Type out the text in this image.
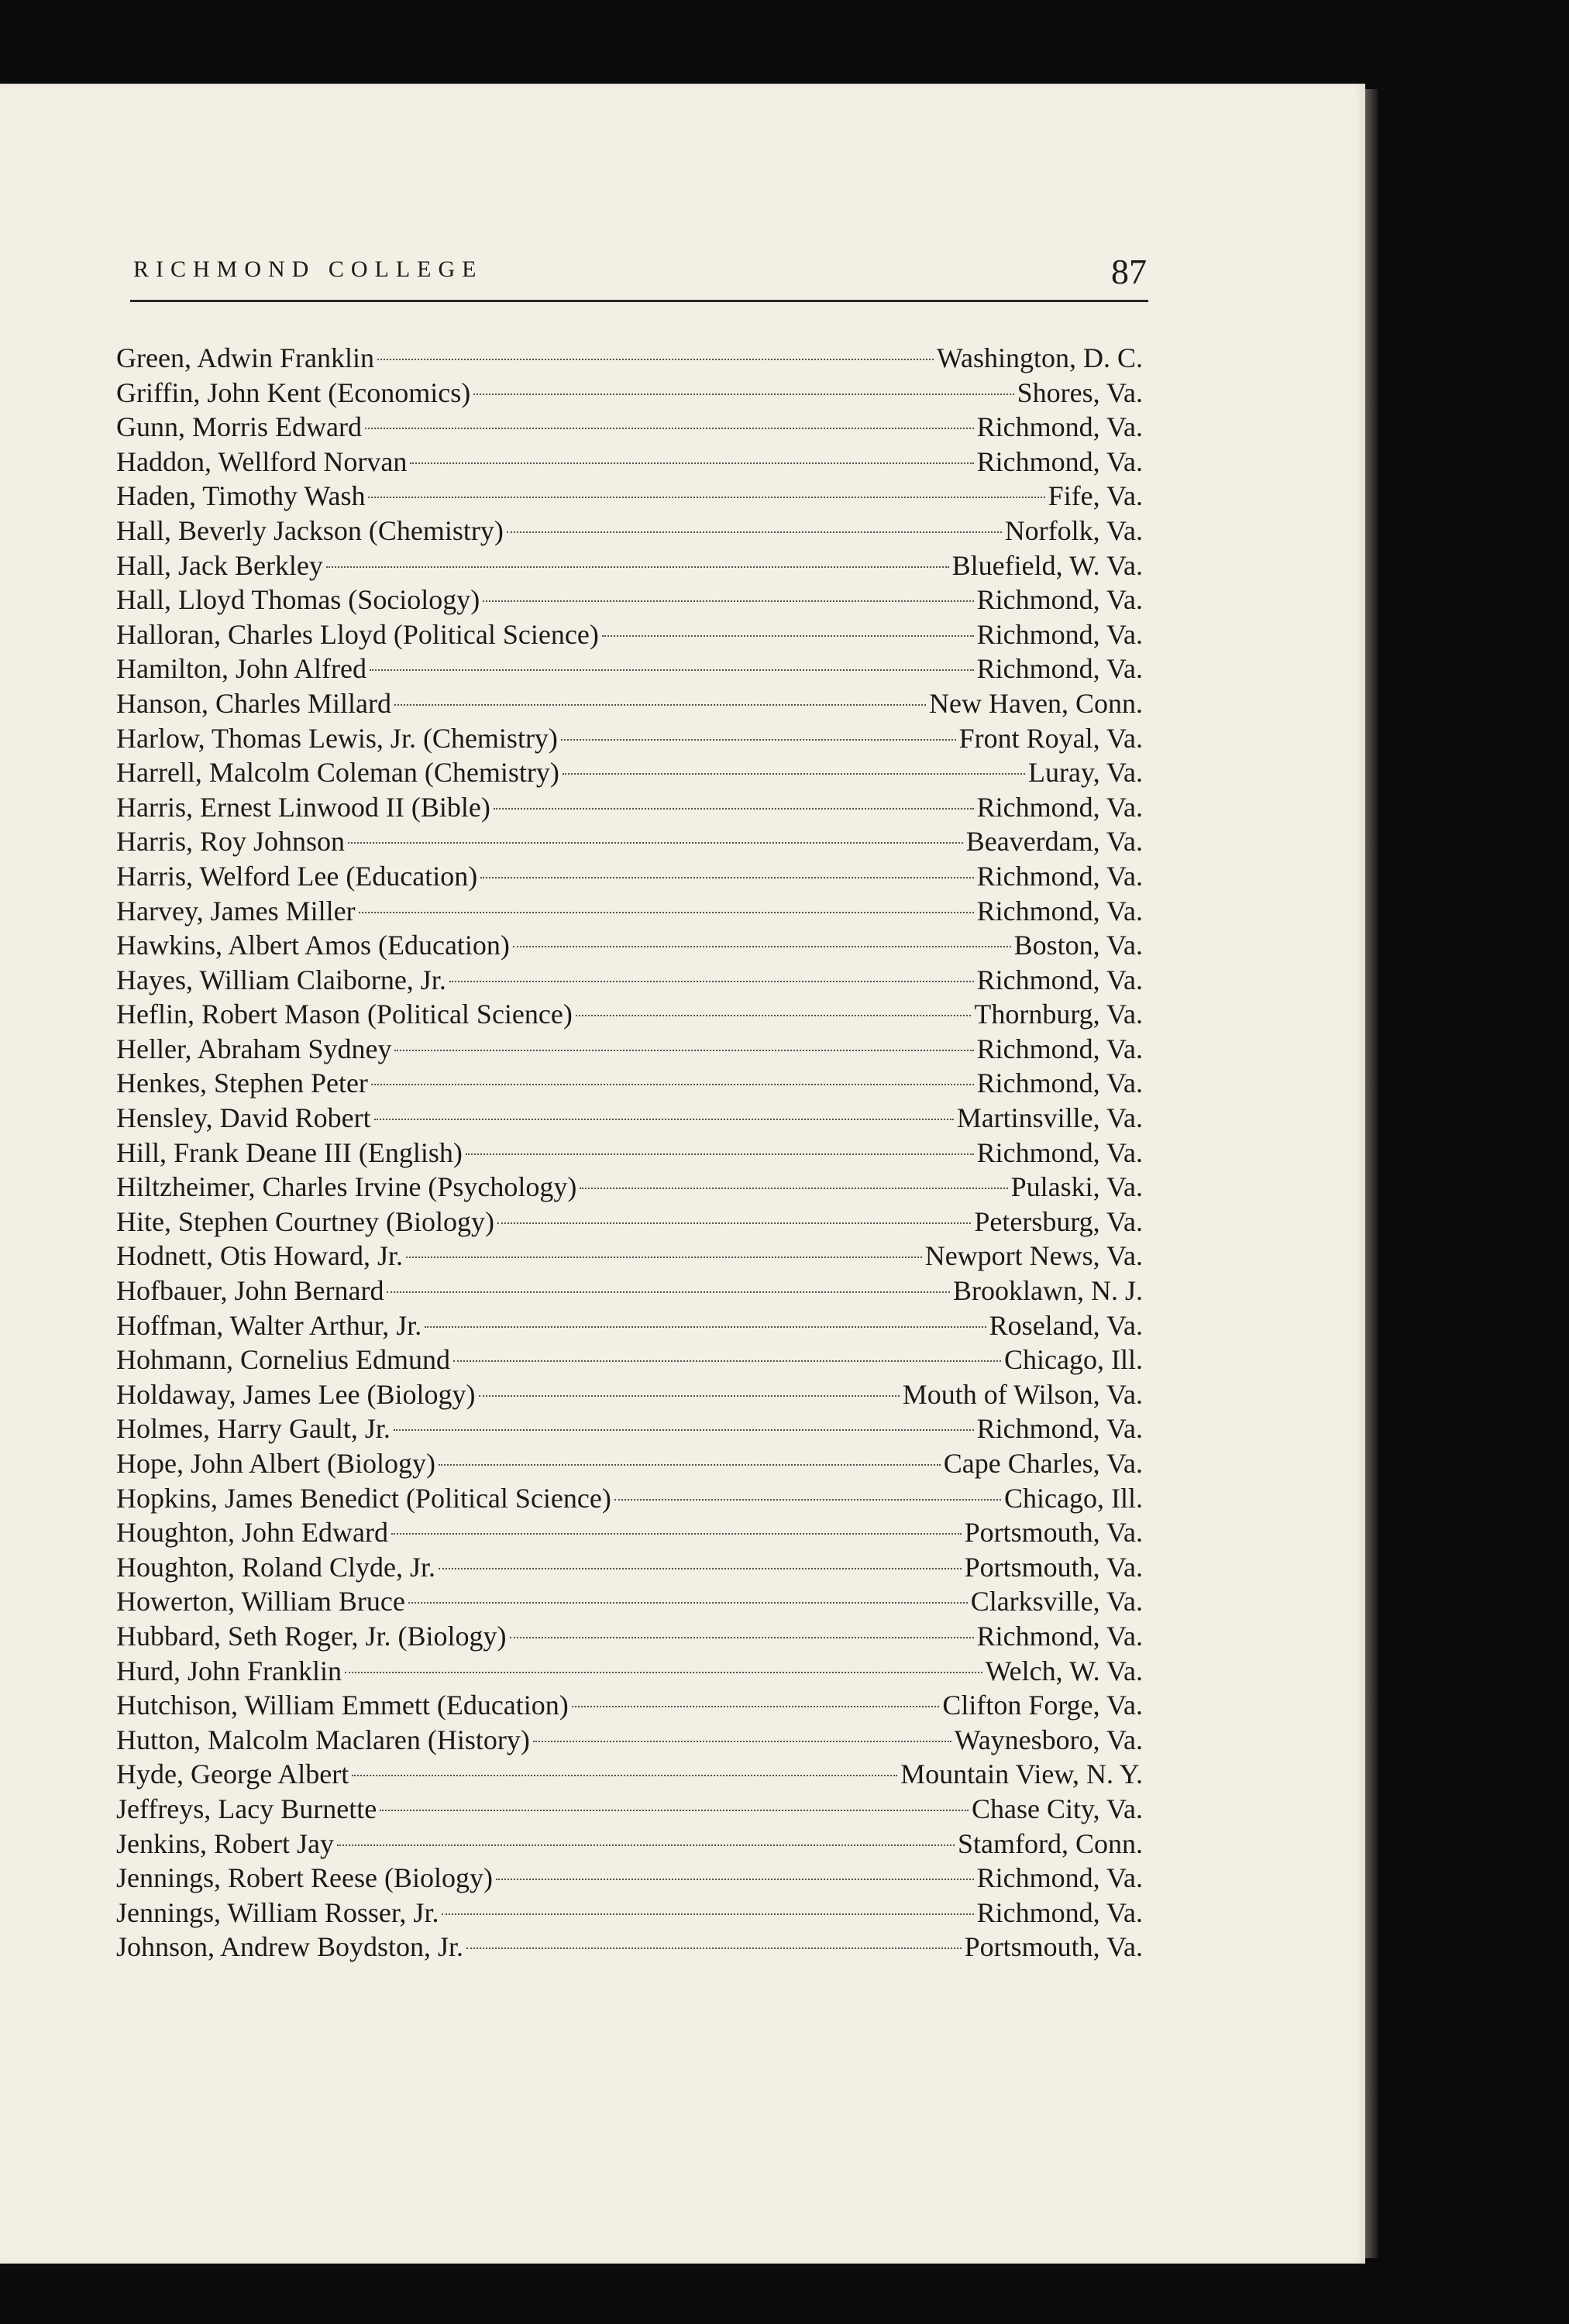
RICHMOND COLLEGE	87
Green, Adwin Franklin	Washington, D. C.
Griffin, John Kent (Economics)	Shores, Va.
Gunn, Morris Edward	Richmond, Va.
Haddon, Wellford Norvan	Richmond, Va.
Haden, Timothy Wash	Fife, Va.
Hall, Beverly Jackson (Chemistry)	Norfolk, Va.
Hall, Jack Berkley	Bluefield, W. Va.
Hall, Lloyd Thomas (Sociology)	Richmond, Va.
Halloran, Charles Lloyd (Political Science)	Richmond, Va.
Hamilton, John Alfred	Richmond, Va.
Hanson, Charles Millard	New Haven, Conn.
Harlow, Thomas Lewis, Jr. (Chemistry)	Front Royal, Va.
Harrell, Malcolm Coleman (Chemistry)	Luray, Va.
Harris, Ernest Linwood II (Bible)	Richmond, Va.
Harris, Roy Johnson	Beaverdam, Va.
Harris, Welford Lee (Education)	Richmond, Va.
Harvey, James Miller	Richmond, Va.
Hawkins, Albert Amos (Education)	Boston, Va.
Hayes, William Claiborne, Jr.	Richmond, Va.
Heflin, Robert Mason (Political Science)	Thornburg, Va.
Heller, Abraham Sydney	Richmond, Va.
Henkes, Stephen Peter	Richmond, Va.
Hensley, David Robert	Martinsville, Va.
Hill, Frank Deane III (English)	Richmond, Va.
Hiltzheimer, Charles Irvine (Psychology)	Pulaski, Va.
Hite, Stephen Courtney (Biology)	Petersburg, Va.
Hodnett, Otis Howard, Jr.	Newport News, Va.
Hofbauer, John Bernard	Brooklawn, N. J.
Hoffman, Walter Arthur, Jr.	Roseland, Va.
Hohmann, Cornelius Edmund	Chicago, Ill.
Holdaway, James Lee (Biology)	Mouth of Wilson, Va.
Holmes, Harry Gault, Jr.	Richmond, Va.
Hope, John Albert (Biology)	Cape Charles, Va.
Hopkins, James Benedict (Political Science)	Chicago, Ill.
Houghton, John Edward	Portsmouth, Va.
Houghton, Roland Clyde, Jr.	Portsmouth, Va.
Howerton, William Bruce	Clarksville, Va.
Hubbard, Seth Roger, Jr. (Biology)	Richmond, Va.
Hurd, John Franklin	Welch, W. Va.
Hutchison, William Emmett (Education)	Clifton Forge, Va.
Hutton, Malcolm Maclaren (History)	Waynesboro, Va.
Hyde, George Albert	Mountain View, N. Y.
Jeffreys, Lacy Burnette	Chase City, Va.
Jenkins, Robert Jay	Stamford, Conn.
Jennings, Robert Reese (Biology)	Richmond, Va.
Jennings, William Rosser, Jr.	Richmond, Va.
Johnson, Andrew Boydston, Jr.	Portsmouth, Va.
